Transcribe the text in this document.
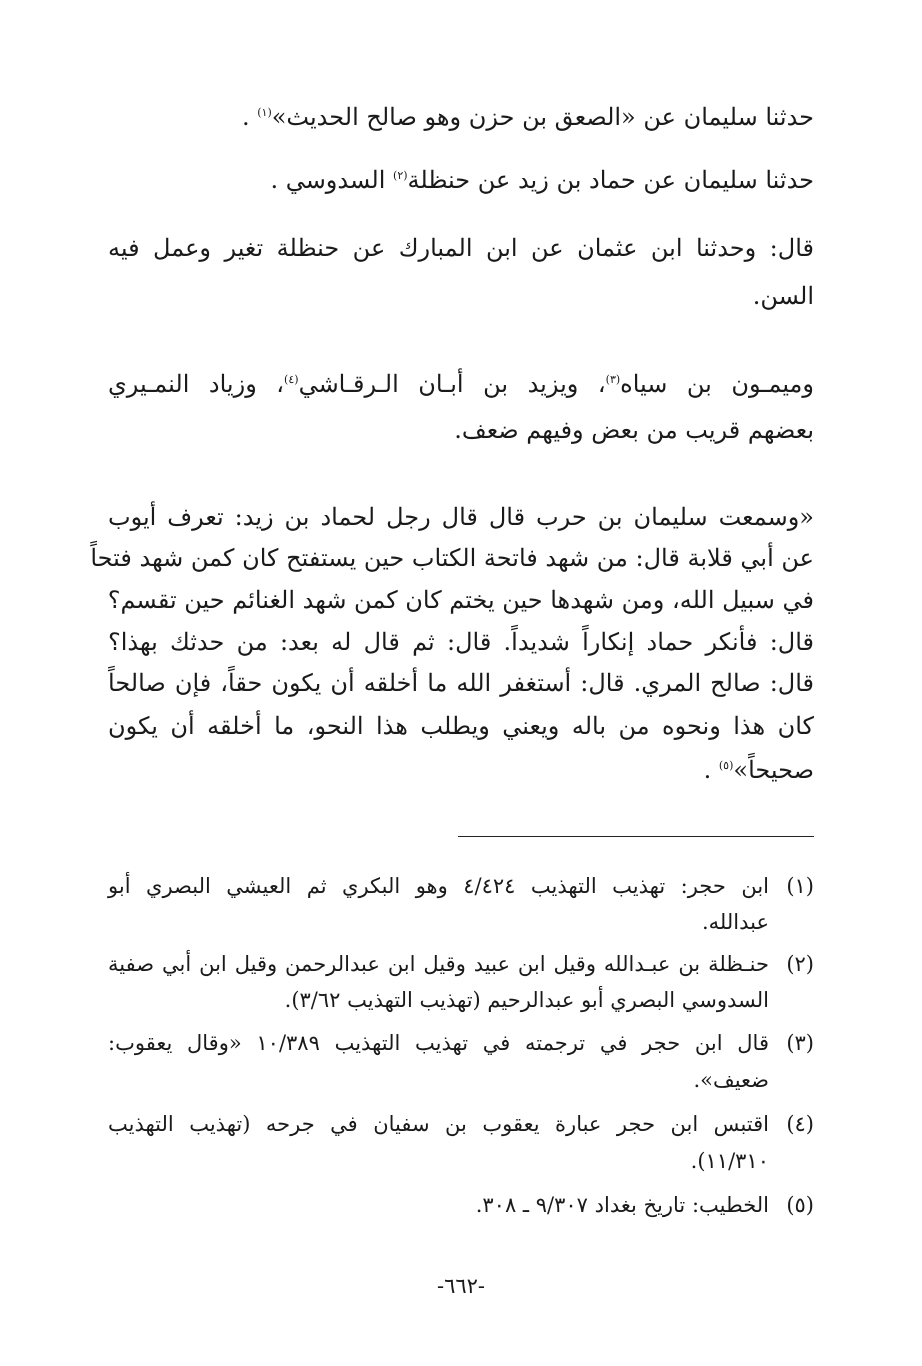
حدثنا سليمان عن «الصعق بن حزن وهو صالح الحديث»$^{(١)}$ .
حدثنا سليمان عن حماد بن زيد عن حنظلة$^{(٢)}$ السدوسي .
قال: وحدثنا ابن عثمان عن ابن المبارك عن حنظلة تغير وعمل فيه
السن.
وميمـون بن سياه$^{(٣)}$، ويزيد بن أبـان الـرقـاشي$^{(٤)}$، وزياد النمـيري
بعضهم قريب من بعض وفيهم ضعف.
«وسمعت سليمان بن حرب قال قال رجل لحماد بن زيد: تعرف أيوب
عن أبي قلابة قال: من شهد فاتحة الكتاب حين يستفتح كان كمن شهد فتحاً
في سبيل الله، ومن شهدها حين يختم كان كمن شهد الغنائم حين تقسم؟
قال: فأنكر حماد إنكاراً شديداً. قال: ثم قال له بعد: من حدثك بهذا؟
قال: صالح المري. قال: أستغفر الله ما أخلقه أن يكون حقاً، فإن صالحاً
كان هذا ونحوه من باله ويعني ويطلب هذا النحو، ما أخلقه أن يكون
صحيحاً»$^{(٥)}$ .
(١)
ابن حجر: تهذيب التهذيب ٤/٤٢٤ وهو البكري ثم العيشي البصري أبو
عبدالله.
(٢)
حنـظلة بن عبـدالله وقيل ابن عبيد وقيل ابن عبدالرحمن وقيل ابن أبي صفية
السدوسي البصري أبو عبدالرحيم (تهذيب التهذيب ٣/٦٢).
(٣)
قال ابن حجر في ترجمته في تهذيب التهذيب ١٠/٣٨٩ «وقال يعقوب:
ضعيف».
(٤)
اقتبس ابن حجر عبارة يعقوب بن سفيان في جرحه (تهذيب التهذيب
١١/٣١٠).
(٥)
الخطيب: تاريخ بغداد ٩/٣٠٧ ـ ٣٠٨.
-٦٦٢-
